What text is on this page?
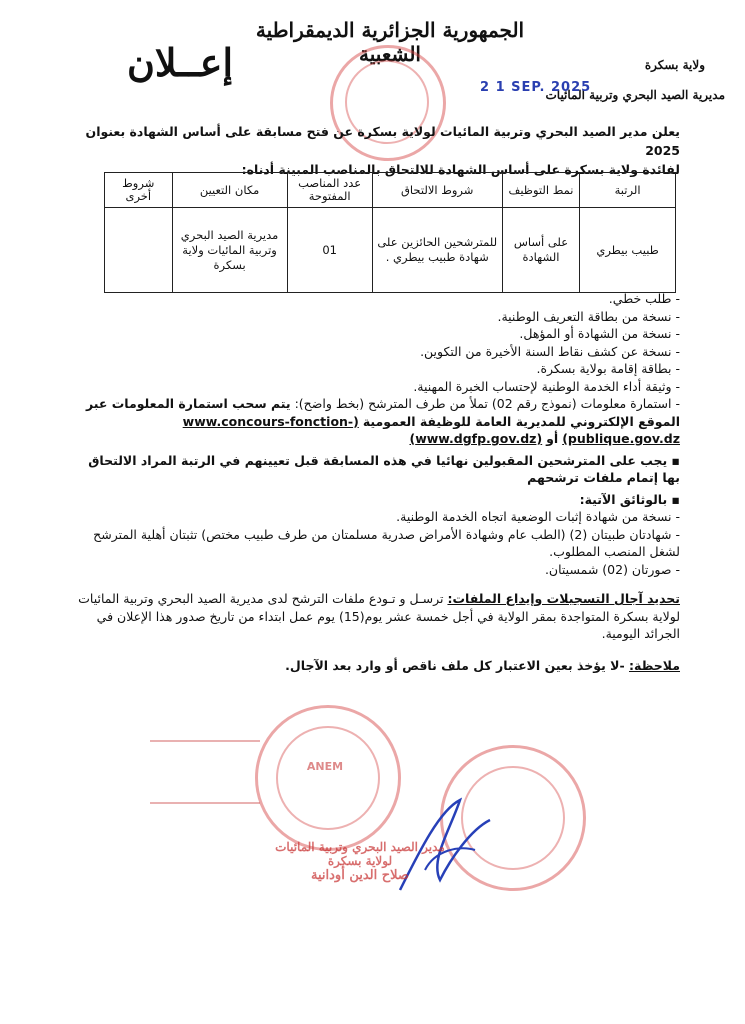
الجمهورية الجزائرية الديمقراطية الشعبية
إعــلان	ولاية بسكرة
مديرية الصيد البحري وتربية المائيات
2 1 SEP. 2025
يعلن مدير الصيد البحري وتربية المائيات لولاية بسكرة عن فتح مسابقة على أساس الشهادة بعنوان 2025
لفائدة ولاية بسكرة على أساس الشهادة للالتحاق بالمناصب المبينة أدناه:
الرتبة	نمط التوظيف	شروط الالتحاق	عدد المناصب المفتوحة	مكان التعيين	شروط أخرى
طبيب بيطري	على أساس الشهادة	للمترشحين الحائزين على شهادة طبيب بيطري .	01	مديرية الصيد البحري وتربية المائيات ولاية بسكرة	
- طلب خطي.
- نسخة من بطاقة التعريف الوطنية.
- نسخة من الشهادة أو المؤهل.
- نسخة عن كشف نقاط السنة الأخيرة من التكوين.
- بطاقة إقامة بولاية بسكرة.
- وثيقة أداء الخدمة الوطنية لإحتساب الخبرة المهنية.
- استمارة معلومات (نموذج رقم 02) تملأ من طرف المترشح (بخط واضح): يتم سحب استمارة المعلومات عبر الموقع الإلكتروني للمديرية العامة للوظيفة العمومية (www.concours-fonction-publique.gov.dz) أو (www.dgfp.gov.dz)
▪ يجب على المترشحين المقبولين نهائيا في هذه المسابقة قبل تعيينهم في الرتبة المراد الالتحاق بها إتمام ملفات ترشحهم
▪ بالوثائق الآتية:
- نسخة من شهادة إثبات الوضعية اتجاه الخدمة الوطنية.
- شهادتان طبيتان (2) (الطب عام وشهادة الأمراض صدرية مسلمتان من طرف طبيب مختص) تثبتان أهلية المترشح لشغل المنصب المطلوب.
- صورتان (02) شمسيتان.
تحديد آجال التسجيلات وإيداع الملفات: ترسـل و تـودع ملفات الترشح لدى مديرية الصيد البحري وتربية المائيات لولاية بسكرة المتواجدة بمقر الولاية في أجل خمسة عشر يوم(15) يوم عمل ابتداء من تاريخ صدور هذا الإعلان في الجرائد اليومية.
ملاحظة: -لا يؤخذ بعين الاعتبار كل ملف ناقص أو وارد بعد الآجال.
ANEM
مدير الصيد البحري وتربية المائيات
لولاية بسكرة
صلاح الدين أودانية
